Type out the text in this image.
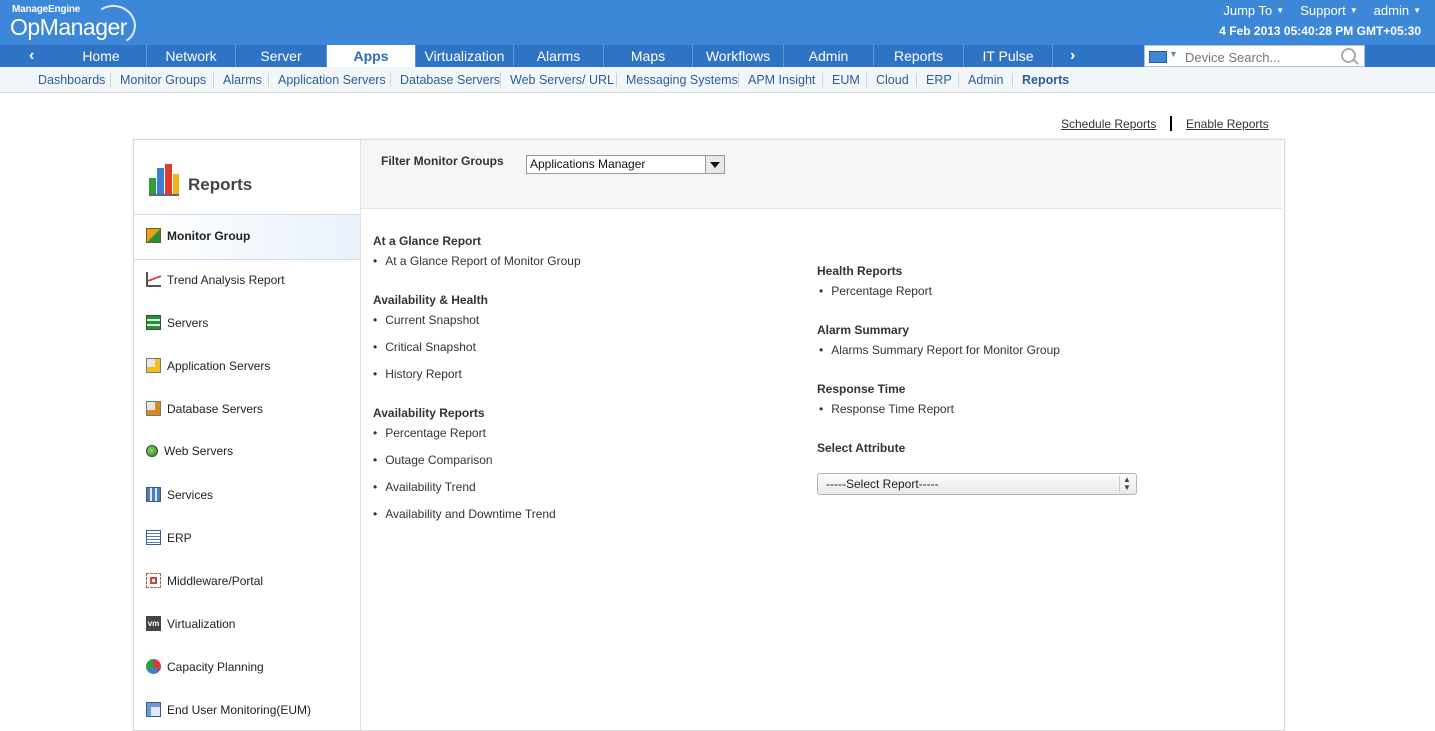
ManageEngine
OpManager
Jump To ▼ Support ▼ admin ▼
4 Feb 2013 05:40:28 PM GMT+05:30
‹	Home	Network	Server	Apps	Virtualization	Alarms	Maps	Workflows	Admin	Reports	IT Pulse	›	▼
Device Search...
Dashboards Monitor Groups Alarms Application Servers Database Servers Web Servers/ URL Messaging Systems APM Insight EUM Cloud ERP Admin Reports
Schedule Reports Enable Reports
Reports
Monitor Group
Trend Analysis Report
Servers
Application Servers
Database Servers
Web Servers
Services
ERP
Middleware/Portal
vm Virtualization
Capacity Planning
End User Monitoring(EUM)
Filter Monitor Groups	Applications Manager
At a Glance Report
• At a Glance Report of Monitor Group
Availability & Health
• Current Snapshot
• Critical Snapshot
• History Report
Availability Reports
• Percentage Report
• Outage Comparison
• Availability Trend
• Availability and Downtime Trend
Health Reports
• Percentage Report
Alarm Summary
• Alarms Summary Report for Monitor Group
Response Time
• Response Time Report
Select Attribute
-----Select Report-----	▲
▼
